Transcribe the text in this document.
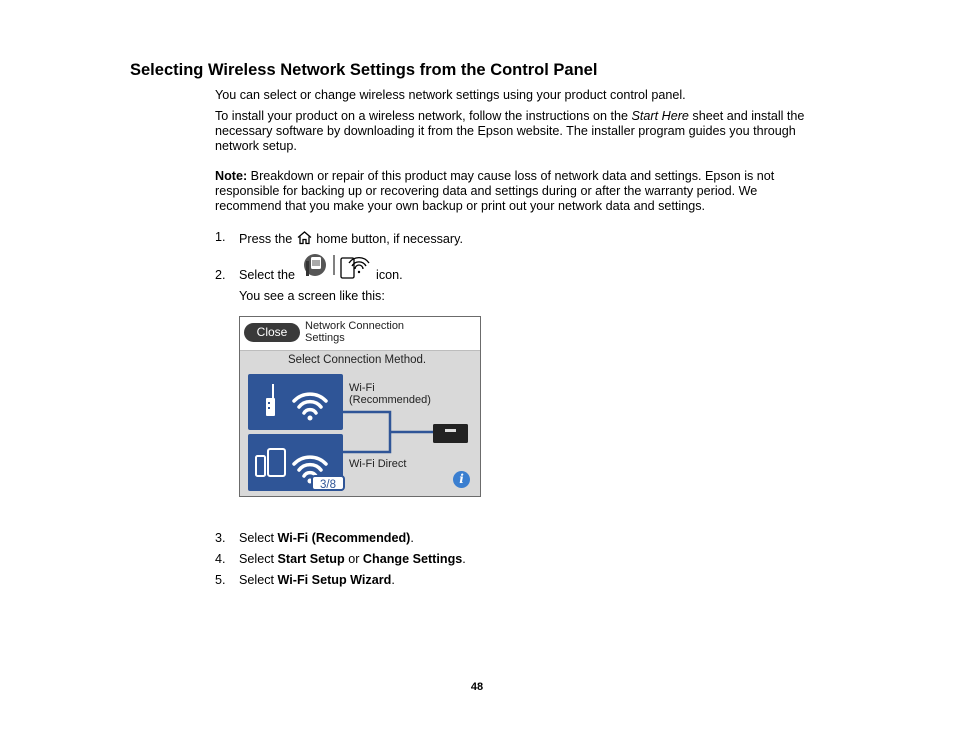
Selecting Wireless Network Settings from the Control Panel
You can select or change wireless network settings using your product control panel.
To install your product on a wireless network, follow the instructions on the Start Here sheet and install the necessary software by downloading it from the Epson website. The installer program guides you through network setup.
Note: Breakdown or repair of this product may cause loss of network data and settings. Epson is not responsible for backing up or recovering data and settings during or after the warranty period. We recommend that you make your own backup or print out your network data and settings.
1. Press the  home button, if necessary.
2. Select the	icon.
You see a screen like this:
Close	Network Connection
Settings
Select Connection Method.
Wi-Fi
(Recommended)
Wi-Fi Direct
3/8	i
3. Select Wi-Fi (Recommended).
4. Select Start Setup or Change Settings.
5. Select Wi-Fi Setup Wizard.
48
